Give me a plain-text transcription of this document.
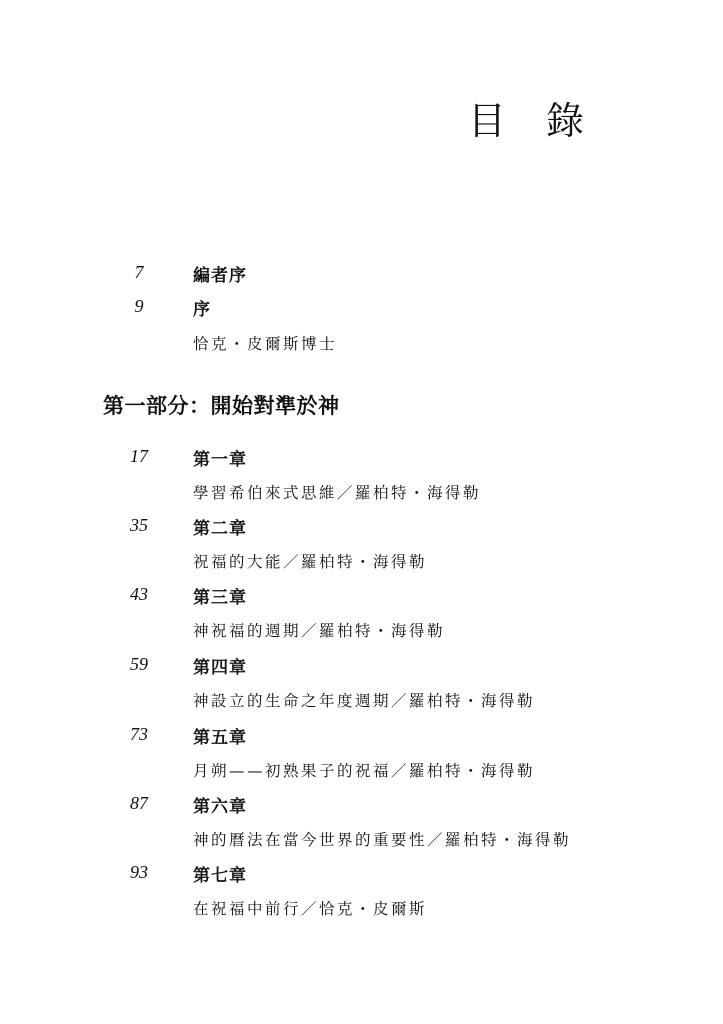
目 錄
7	編者序
9	序
恰克・皮爾斯博士
第一部分：開始對準於神
17	第一章
學習希伯來式思維／羅柏特・海得勒
35	第二章
祝福的大能／羅柏特・海得勒
43	第三章
神祝福的週期／羅柏特・海得勒
59	第四章
神設立的生命之年度週期／羅柏特・海得勒
73	第五章
月朔——初熟果子的祝福／羅柏特・海得勒
87	第六章
神的曆法在當今世界的重要性／羅柏特・海得勒
93	第七章
在祝福中前行／恰克・皮爾斯
